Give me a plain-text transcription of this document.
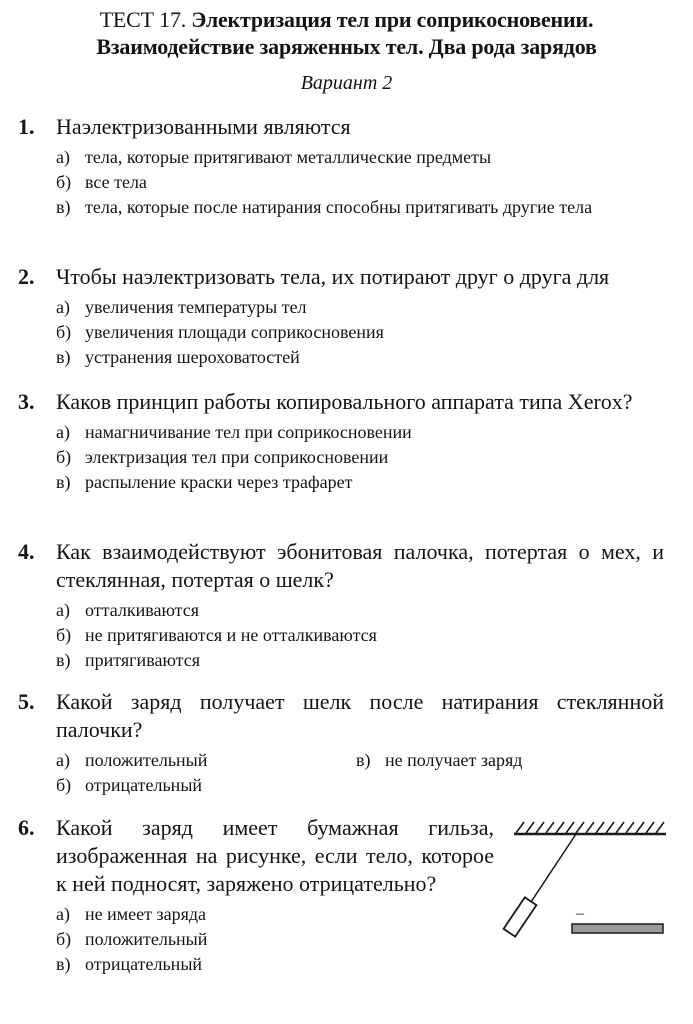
ТЕСТ 17. Электризация тел при соприкосновении.
Взаимодействие заряженных тел. Два рода зарядов
Вариант 2
1. Наэлектризованными являются
а) тела, которые притягивают металлические предметы
б) все тела
в) тела, которые после натирания способны притягивать другие тела
2. Чтобы наэлектризовать тела, их потирают друг о друга для
а) увеличения температуры тел
б) увеличения площади соприкосновения
в) устранения шероховатостей
3. Каков принцип работы копировального аппарата типа Xerox?
а) намагничивание тел при соприкосновении
б) электризация тел при соприкосновении
в) распыление краски через трафарет
4. Как взаимодействуют эбонитовая палочка, потертая о мех, и стеклянная, потертая о шелк?
а) отталкиваются
б) не притягиваются и не отталкиваются
в) притягиваются
5. Какой заряд получает шелк после натирания стеклянной палочки?
а) положительный
б) отрицательный
в) не получает заряд
6. Какой заряд имеет бумажная гильза, изображенная на рисунке, если тело, которое к ней подносят, заряжено отрицательно?
а) не имеет заряда
б) положительный
в) отрицательный
–
